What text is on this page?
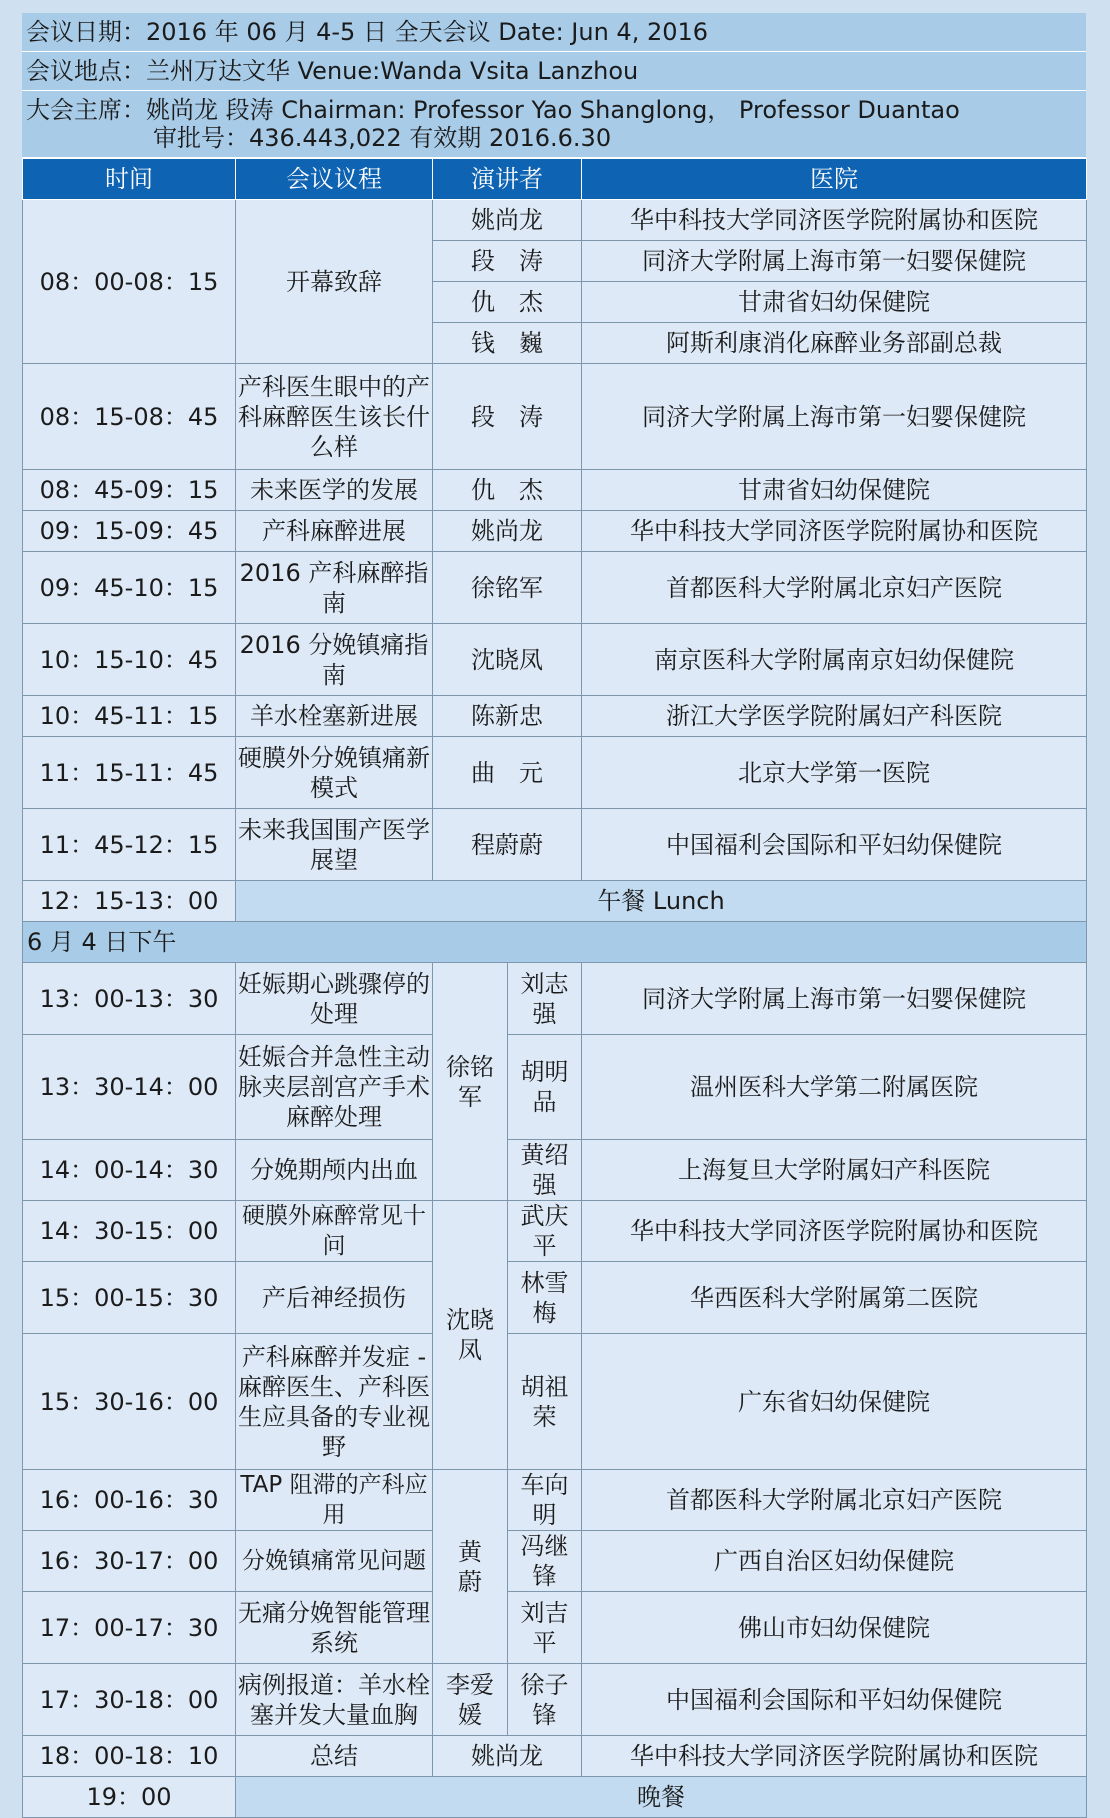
会议日期：2016 年 06 月 4-5 日 全天会议 Date: Jun 4, 2016
会议地点：兰州万达文华 Venue:Wanda Vsita Lanzhou
大会主席：姚尚龙 段涛 Chairman: Professor Yao Shanglong， Professor Duantao
审批号：436.443,022 有效期 2016.6.30
时间	会议议程	演讲者		医院
08：00-08：15	开幕致辞	姚尚龙		华中科技大学同济医学院附属协和医院
		段　涛		同济大学附属上海市第一妇婴保健院
		仇　杰		甘肃省妇幼保健院
		钱　巍		阿斯利康消化麻醉业务部副总裁
08：15-08：45	产科医生眼中的产科麻醉医生该长什么样	段　涛		同济大学附属上海市第一妇婴保健院
08：45-09：15	未来医学的发展	仇　杰		甘肃省妇幼保健院
09：15-09：45	产科麻醉进展	姚尚龙		华中科技大学同济医学院附属协和医院
09：45-10：15	2016 产科麻醉指南	徐铭军		首都医科大学附属北京妇产医院
10：15-10：45	2016 分娩镇痛指南	沈晓凤		南京医科大学附属南京妇幼保健院
10：45-11：15	羊水栓塞新进展	陈新忠		浙江大学医学院附属妇产科医院
11：15-11：45	硬膜外分娩镇痛新模式	曲　元		北京大学第一医院
11：45-12：15	未来我国围产医学展望	程蔚蔚		中国福利会国际和平妇幼保健院
12：15-13：00	午餐 Lunch			
6 月 4 日下午				
13：00-13：30	妊娠期心跳骤停的处理	徐铭军	刘志强	同济大学附属上海市第一妇婴保健院
13：30-14：00	妊娠合并急性主动脉夹层剖宫产手术麻醉处理		胡明品	温州医科大学第二附属医院
14：00-14：30	分娩期颅内出血		黄绍强	上海复旦大学附属妇产科医院
14：30-15：00	硬膜外麻醉常见十问	沈晓凤	武庆平	华中科技大学同济医学院附属协和医院
15：00-15：30	产后神经损伤		林雪梅	华西医科大学附属第二医院
15：30-16：00	产科麻醉并发症 -麻醉医生、产科医生应具备的专业视野		胡祖荣	广东省妇幼保健院
16：00-16：30	TAP 阻滞的产科应用	黄　蔚	车向明	首都医科大学附属北京妇产医院
16：30-17：00	分娩镇痛常见问题		冯继锋	广西自治区妇幼保健院
17：00-17：30	无痛分娩智能管理系统		刘吉平	佛山市妇幼保健院
17：30-18：00	病例报道：羊水栓塞并发大量血胸	李爱媛	徐子锋	中国福利会国际和平妇幼保健院
18：00-18：10	总结	姚尚龙		华中科技大学同济医学院附属协和医院
19：00	晚餐			
